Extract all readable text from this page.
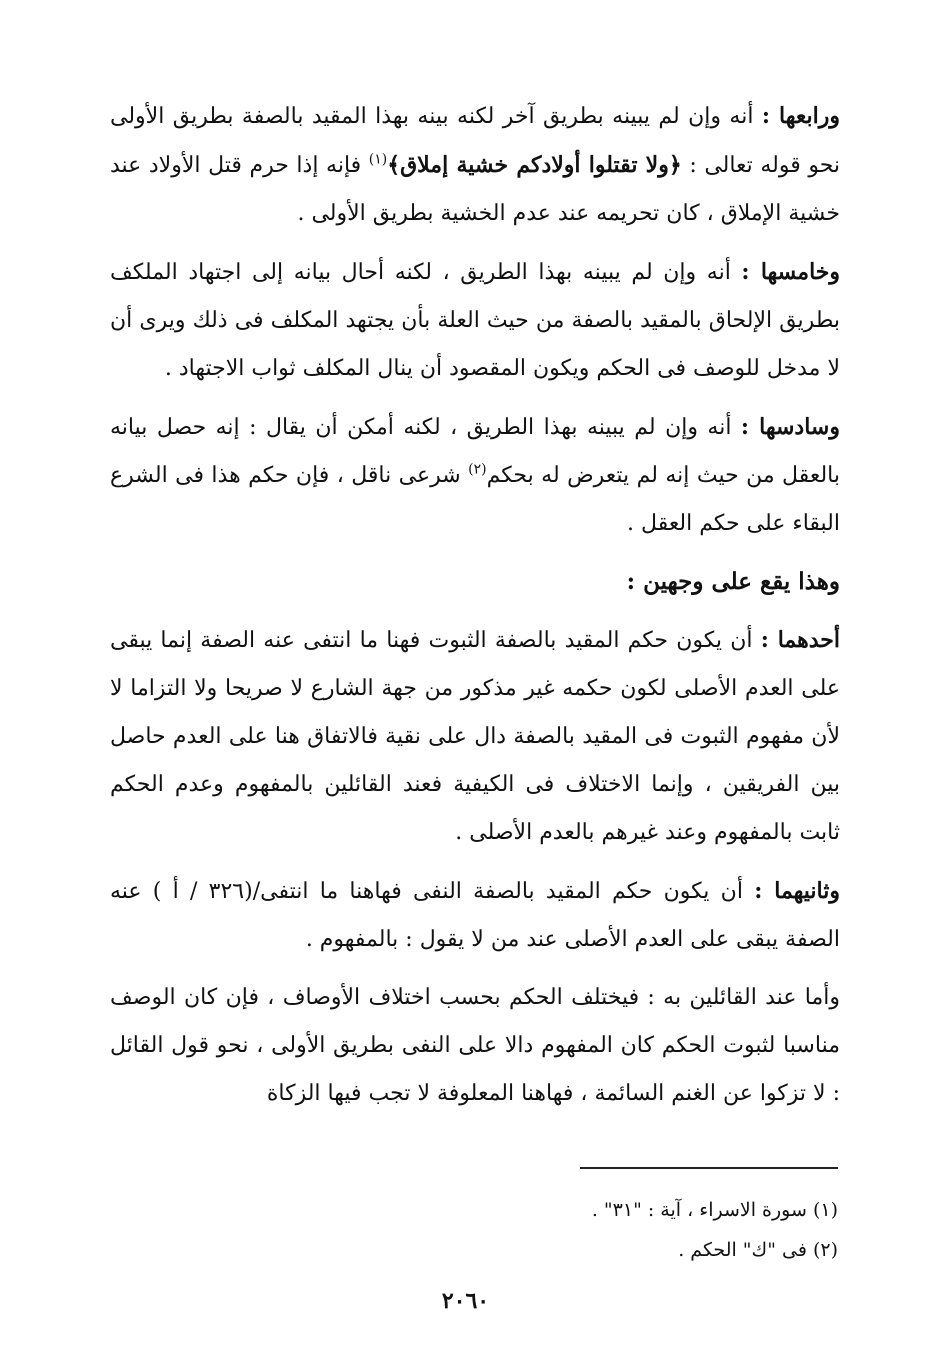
ورابعها : أنه وإن لم يبينه بطريق آخر لكنه بينه بهذا المقيد بالصفة بطريق الأولى نحو قوله تعالى : ﴿ولا تقتلوا أولادكم خشية إملاق﴾$^{(١)}$ فإنه إذا حرم قتل الأولاد عند خشية الإملاق ، كان تحريمه عند عدم الخشية بطريق الأولى .

وخامسها : أنه وإن لم يبينه بهذا الطريق ، لكنه أحال بيانه إلى اجتهاد الملكف بطريق الإلحاق بالمقيد بالصفة من حيث العلة بأن يجتهد المكلف فى ذلك ويرى أن لا مدخل للوصف فى الحكم ويكون المقصود أن ينال المكلف ثواب الاجتهاد .

وسادسها : أنه وإن لم يبينه بهذا الطريق ، لكنه أمكن أن يقال : إنه حصل بيانه بالعقل من حيث إنه لم يتعرض له بحكم$^{(٢)}$ شرعى ناقل ، فإن حكم هذا فى الشرع البقاء على حكم العقل .

وهذا يقع على وجهين :

أحدهما : أن يكون حكم المقيد بالصفة الثبوت فهنا ما انتفى عنه الصفة إنما يبقى على العدم الأصلى لكون حكمه غير مذكور من جهة الشارع لا صريحا ولا التزاما لا لأن مفهوم الثبوت فى المقيد بالصفة دال على نقية فالاتفاق هنا على العدم حاصل بين الفريقين ، وإنما الاختلاف فى الكيفية فعند القائلين بالمفهوم وعدم الحكم ثابت بالمفهوم وعند غيرهم بالعدم الأصلى .

وثانيهما : أن يكون حكم المقيد بالصفة النفى فهاهنا ما انتفى/(٣٢٦ / أ ) عنه الصفة يبقى على العدم الأصلى عند من لا يقول : بالمفهوم .

وأما عند القائلين به : فيختلف الحكم بحسب اختلاف الأوصاف ، فإن كان الوصف مناسبا لثبوت الحكم كان المفهوم دالا على النفى بطريق الأولى ، نحو قول القائل : لا تزكوا عن الغنم السائمة ، فهاهنا المعلوفة لا تجب فيها الزكاة

(١) سورة الاسراء ، آية : "٣١" .

(٢) فى "ك" الحكم .

٢٠٦٠
